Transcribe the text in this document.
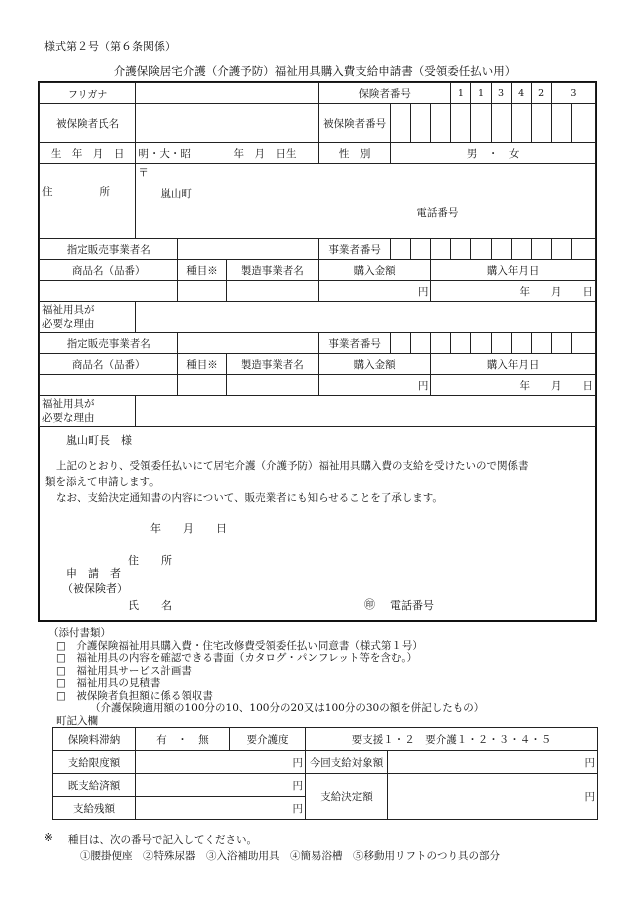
様式第２号（第６条関係）
介護保険居宅介護（介護予防）福祉用具購入費支給申請書（受領委任払い用）
フリガナ				保険者番号				1	1	3	4	2	3	
被保険者氏名				被保険者番号										
生　年　月　日	明・大・昭 年　月　日生			性　別	男　・　女									
住　　　　所	〒
嵐山町
電話番号													

指定販売事業者名				事業者番号										
商品名（品番）		種目※	製造事業者名	購入金額			購入年月日							
				円			年　　月　　日							

福祉用具が
必要な理由														

指定販売事業者名				事業者番号										
商品名（品番）		種目※	製造事業者名	購入金額			購入年月日							
				円			年　　月　　日							

福祉用具が
必要な理由														

嵐山町長　様
上記のとおり、受領委任払いにて居宅介護（介護予防）福祉用具購入費の支給を受けたいので関係書
類を添えて申請します。
なお、支給決定通知書の内容について、販売業者にも知らせることを了承します。
年　　月　　日
住　　所
申　請　者
（被保険者）
氏　　名	㊞ 電話番号
（添付書類）
□　介護保険福祉用具購入費・住宅改修費受領委任払い同意書（様式第１号）
□　福祉用具の内容を確認できる書面（カタログ・パンフレット等を含む。）
□　福祉用具サービス計画書
□　福祉用具の見積書
□　被保険者負担額に係る領収書
（介護保険適用額の100分の10、100分の20又は100分の30の額を併記したもの）
町記入欄
保険料滞納	有　・　無	要介護度	要支援１・２　要介護１・２・３・４・５	
支給限度額	円		今回支給対象額	円
既支給済額	円		支給決定額	円
支給残額	円			
※ 種目は、次の番号で記入してください。
①腰掛便座　②特殊尿器　③入浴補助用具　④簡易浴槽　⑤移動用リフトのつり具の部分
